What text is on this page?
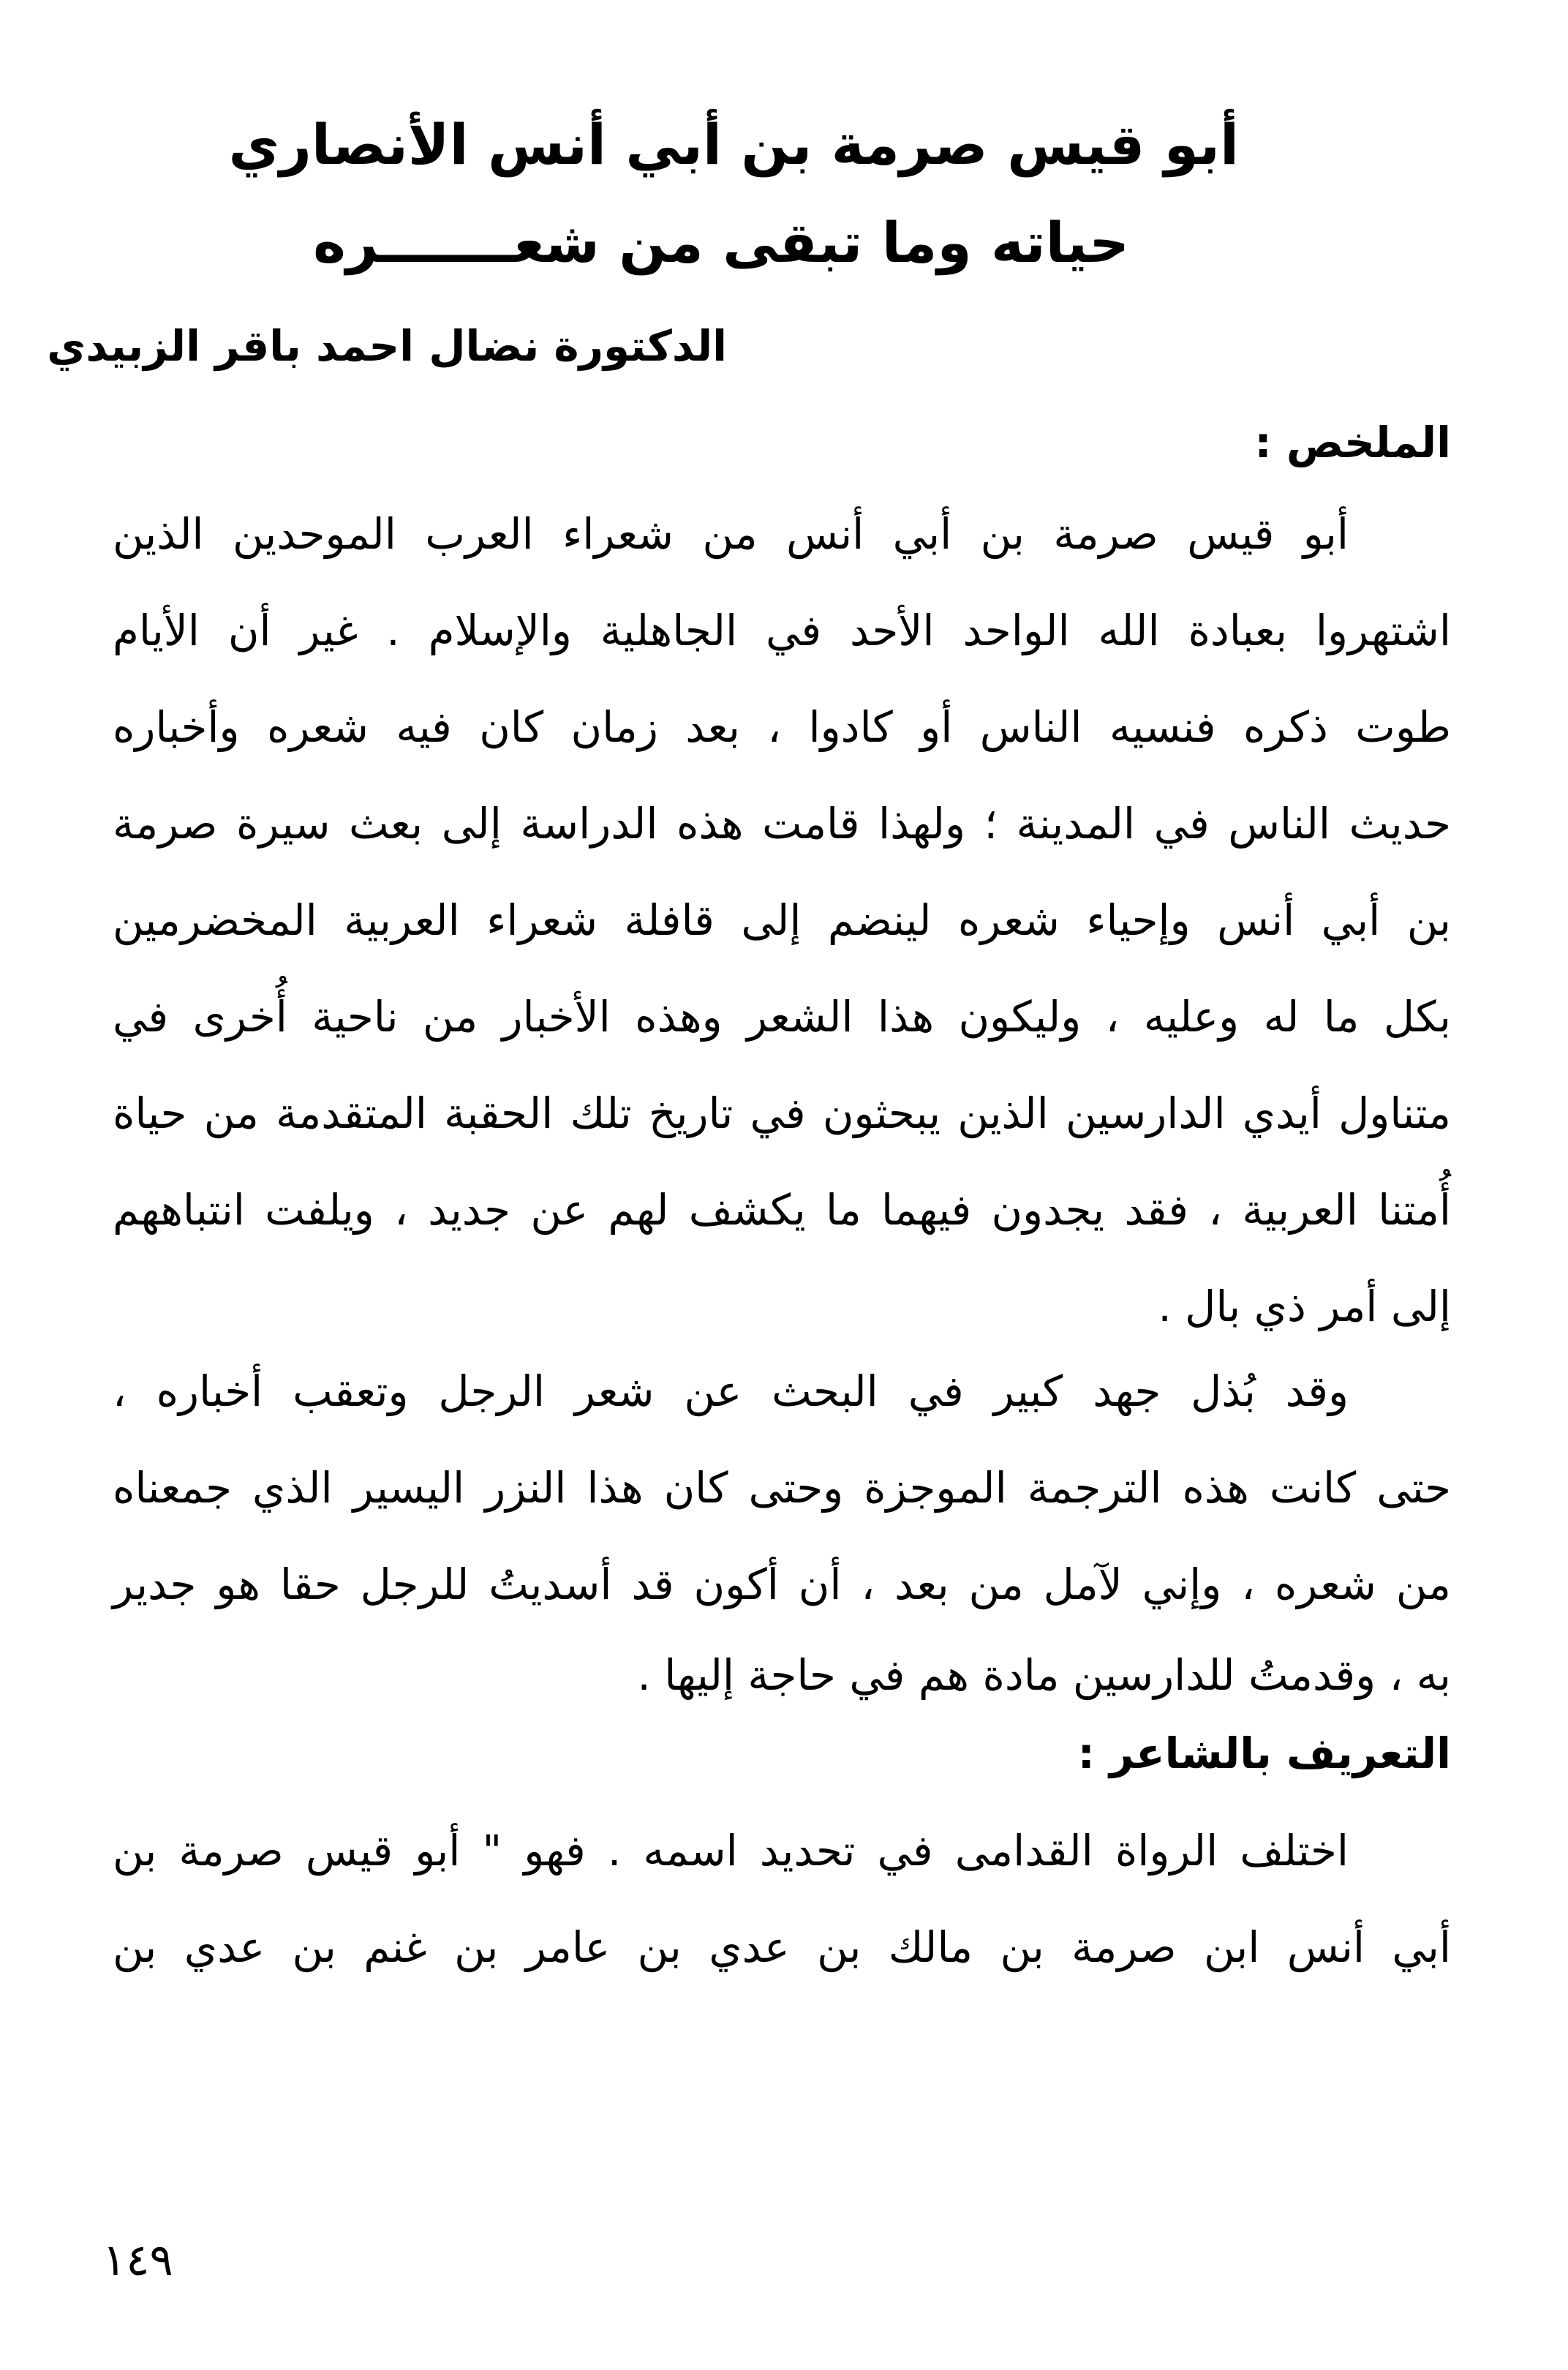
أبو قيس صرمة بن أبي أنس الأنصاري
حياته وما تبقى من شعـــــــره
الدكتورة نضال احمد باقر الزبيدي
الملخص :
أبو قيس صرمة بن أبي أنس من شعراء العرب الموحدين الذين
اشتهروا بعبادة الله الواحد الأحد في الجاهلية والإسلام . غير أن الأيام
طوت ذكره فنسيه الناس أو كادوا ، بعد زمان كان فيه شعره وأخباره
حديث الناس في المدينة ؛ ولهذا قامت هذه الدراسة إلى بعث سيرة صرمة
بن أبي أنس وإحياء شعره لينضم إلى قافلة شعراء العربية المخضرمين
بكل ما له وعليه ، وليكون هذا الشعر وهذه الأخبار من ناحية أُخرى في
متناول أيدي الدارسين الذين يبحثون في تاريخ تلك الحقبة المتقدمة من حياة
أُمتنا العربية ، فقد يجدون فيهما ما يكشف لهم عن جديد ، ويلفت انتباههم
إلى أمر ذي بال .
وقد بُذل جهد كبير في البحث عن شعر الرجل وتعقب أخباره ،
حتى كانت هذه الترجمة الموجزة وحتى كان هذا النزر اليسير الذي جمعناه
من شعره ، وإني لآمل من بعد ، أن أكون قد أسديتُ للرجل حقا هو جدير
به ، وقدمتُ للدارسين مادة هم في حاجة إليها .
التعريف بالشاعر :
اختلف الرواة القدامى في تحديد اسمه . فهو " أبو قيس صرمة بن
أبي أنس ابن صرمة بن مالك بن عدي بن عامر بن غنم بن عدي بن
١٤٩
